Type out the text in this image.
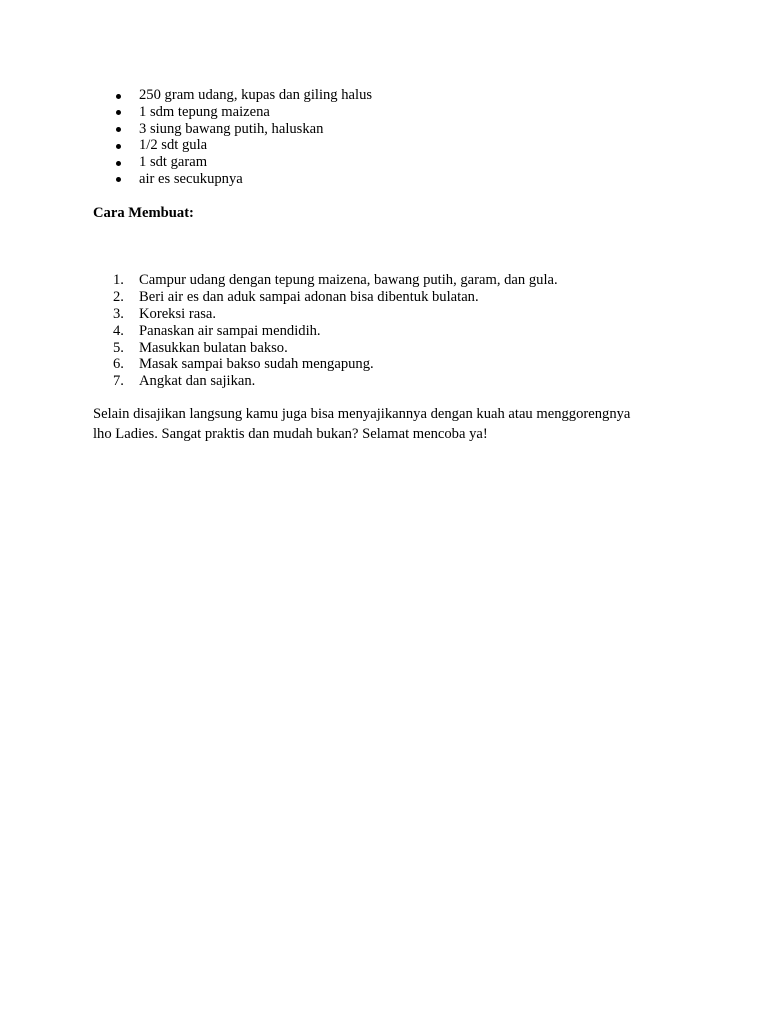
250 gram udang, kupas dan giling halus
1 sdm tepung maizena
3 siung bawang putih, haluskan
1/2 sdt gula
1 sdt garam
air es secukupnya
Cara Membuat:
1. Campur udang dengan tepung maizena, bawang putih, garam, dan gula.
2. Beri air es dan aduk sampai adonan bisa dibentuk bulatan.
3. Koreksi rasa.
4. Panaskan air sampai mendidih.
5. Masukkan bulatan bakso.
6. Masak sampai bakso sudah mengapung.
7. Angkat dan sajikan.

Selain disajikan langsung kamu juga bisa menyajikannya dengan kuah atau menggorengnya
lho Ladies. Sangat praktis dan mudah bukan? Selamat mencoba ya!
